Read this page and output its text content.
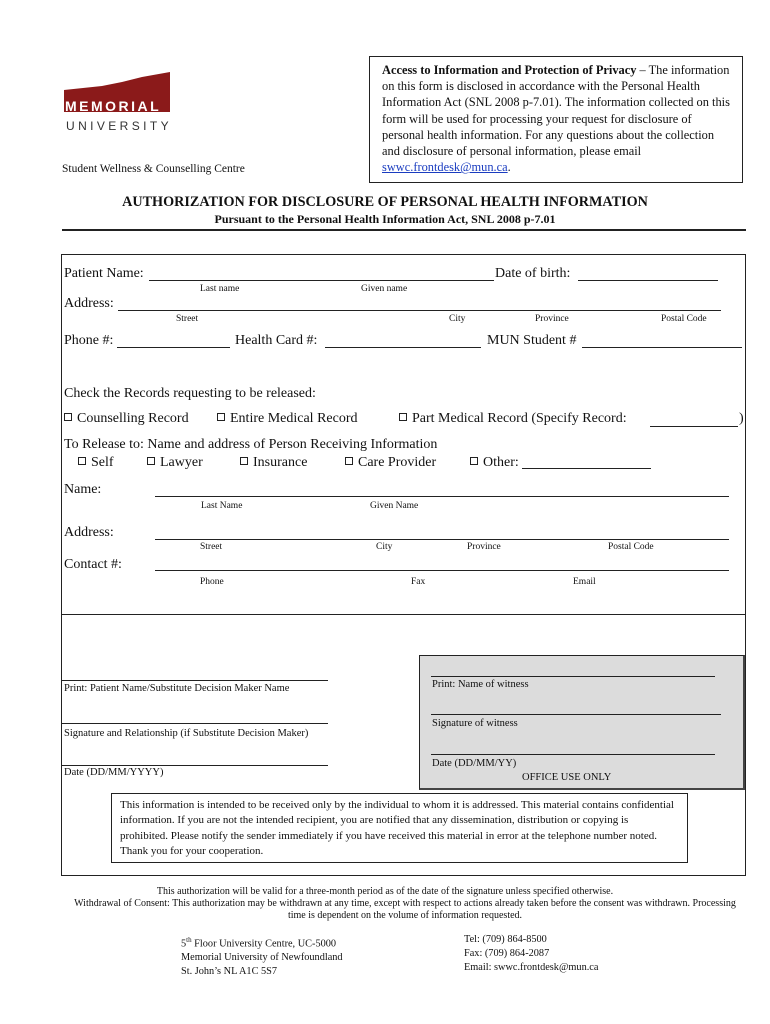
MEMORIAL
UNIVERSITY
Student Wellness & Counselling Centre
Access to Information and Protection of Privacy – The information on this form is disclosed in accordance with the Personal Health Information Act (SNL 2008 p-7.01). The information collected on this form will be used for processing your request for disclosure of personal health information. For any questions about the collection and disclosure of personal information, please email swwc.frontdesk@mun.ca.
AUTHORIZATION FOR DISCLOSURE OF PERSONAL HEALTH INFORMATION
Pursuant to the Personal Health Information Act, SNL 2008 p-7.01
Patient Name:	Date of birth:
Last name	Given name
Address:
Street	City	Province	Postal Code
Phone #:	Health Card #:	MUN Student #
Check the Records requesting to be released:
Counselling Record	Entire Medical Record	Part Medical Record (Specify Record:	)
To Release to: Name and address of Person Receiving Information
Self	Lawyer	Insurance	Care Provider	Other:
Name:
Last Name	Given Name
Address:
Street	City	Province	Postal Code
Contact #:
Phone	Fax	Email
Print: Patient Name/Substitute Decision Maker Name
Signature and Relationship (if Substitute Decision Maker)
Date (DD/MM/YYYY)
Print: Name of witness
Signature of witness
Date (DD/MM/YY)
OFFICE USE ONLY
This information is intended to be received only by the individual to whom it is addressed. This material contains confidential information. If you are not the intended recipient, you are notified that any dissemination, distribution or copying is prohibited. Please notify the sender immediately if you have received this material in error at the telephone number noted. Thank you for your cooperation.
This authorization will be valid for a three-month period as of the date of the signature unless specified otherwise.
Withdrawal of Consent: This authorization may be withdrawn at any time, except with respect to actions already taken before the consent was withdrawn. Processing time is dependent on the volume of information requested.
5th Floor University Centre, UC-5000
Memorial University of Newfoundland
St. John’s NL A1C 5S7
Tel: (709) 864-8500
Fax: (709) 864-2087
Email: swwc.frontdesk@mun.ca
